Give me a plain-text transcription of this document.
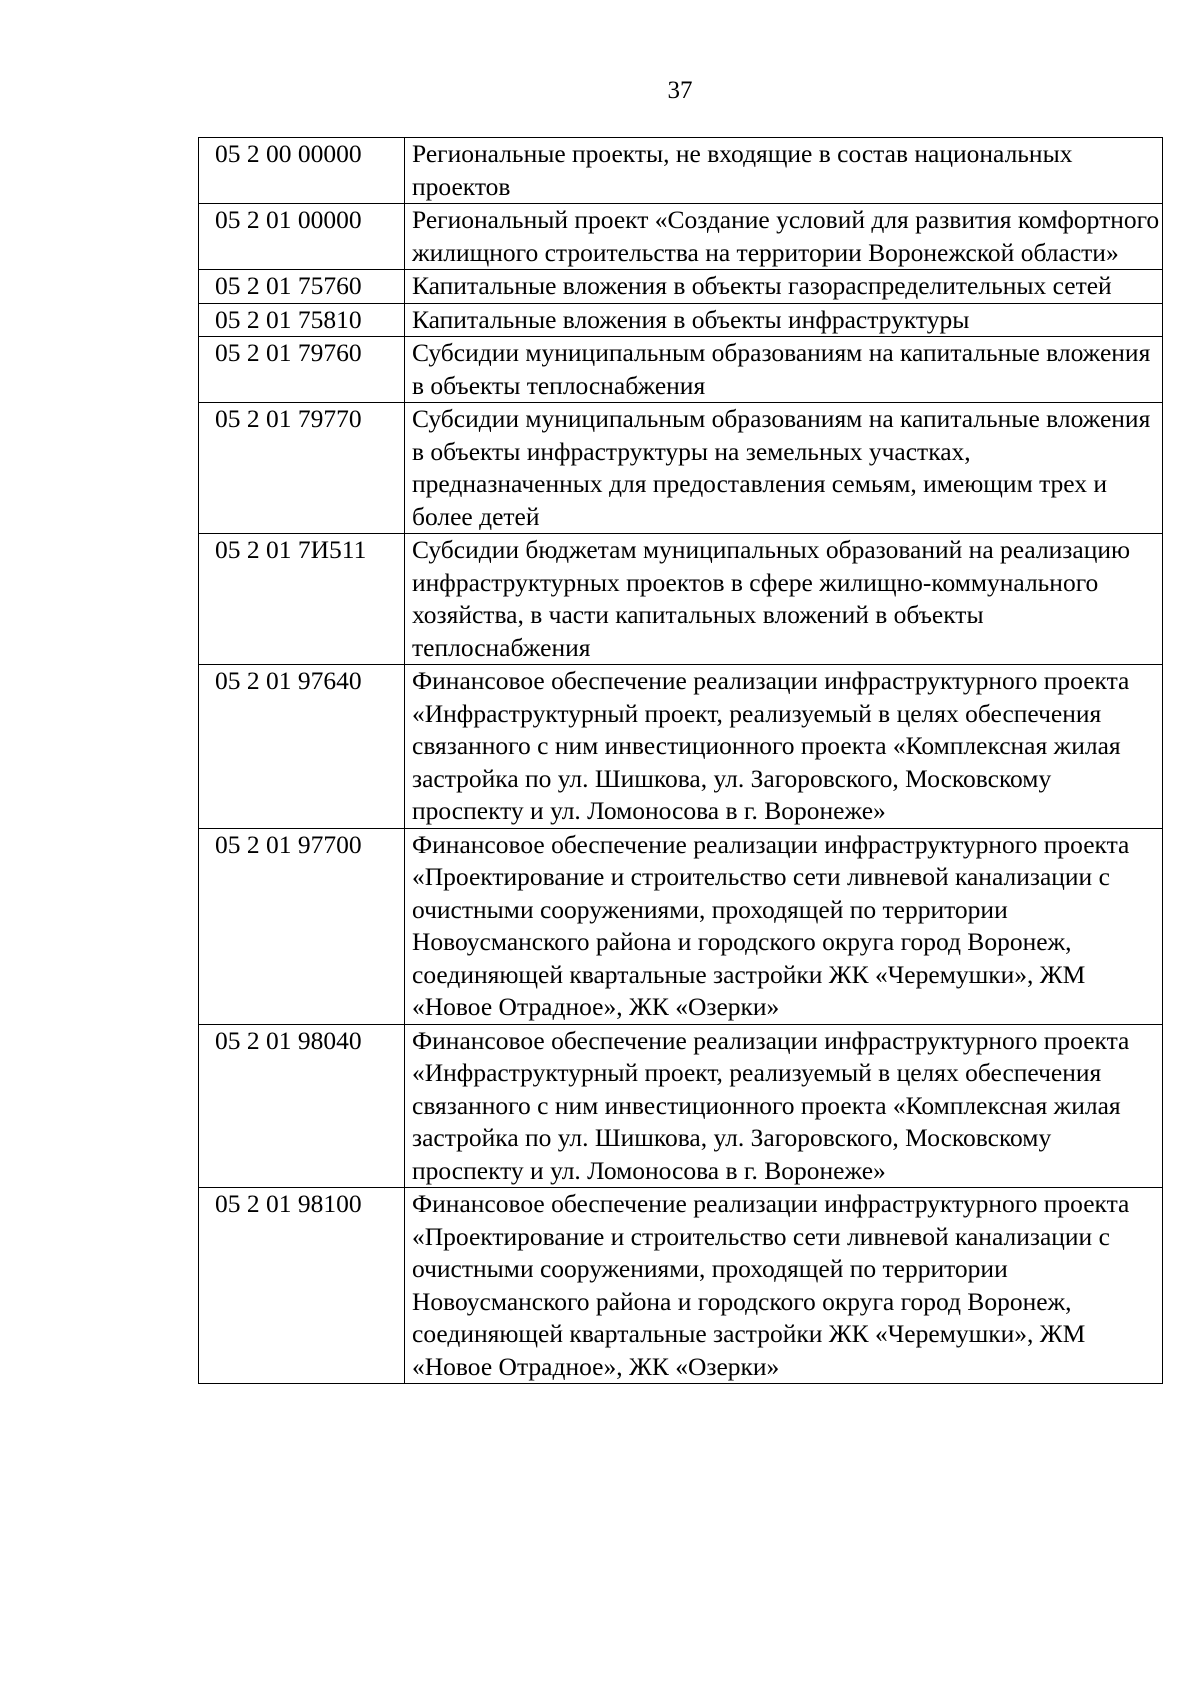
37
05 2 00 00000	Региональные проекты, не входящие в состав национальных проектов
05 2 01 00000	Региональный проект «Создание условий для развития комфортного жилищного строительства на территории Воронежской области»
05 2 01 75760	Капитальные вложения в объекты газораспределительных сетей
05 2 01 75810	Капитальные вложения в объекты инфраструктуры
05 2 01 79760	Субсидии муниципальным образованиям на капитальные вложения в объекты теплоснабжения
05 2 01 79770	Субсидии муниципальным образованиям на капитальные вложения в объекты инфраструктуры на земельных участках, предназначенных для предоставления семьям, имеющим трех и более детей
05 2 01 7И511	Субсидии бюджетам муниципальных образований на реализацию инфраструктурных проектов в сфере жилищно-коммунального хозяйства, в части капитальных вложений в объекты теплоснабжения
05 2 01 97640	Финансовое обеспечение реализации инфраструктурного проекта «Инфраструктурный проект, реализуемый в целях обеспечения связанного с ним инвестиционного проекта «Комплексная жилая застройка по ул. Шишкова, ул. Загоровского, Московскому проспекту и ул. Ломоносова в г. Воронеже»
05 2 01 97700	Финансовое обеспечение реализации инфраструктурного проекта «Проектирование и строительство сети ливневой канализации с очистными сооружениями, проходящей по территории Новоусманского района и городского округа город Воронеж, соединяющей квартальные застройки ЖК «Черемушки», ЖМ «Новое Отрадное», ЖК «Озерки»
05 2 01 98040	Финансовое обеспечение реализации инфраструктурного проекта «Инфраструктурный проект, реализуемый в целях обеспечения связанного с ним инвестиционного проекта «Комплексная жилая застройка по ул. Шишкова, ул. Загоровского, Московскому проспекту и ул. Ломоносова в г. Воронеже»
05 2 01 98100	Финансовое обеспечение реализации инфраструктурного проекта «Проектирование и строительство сети ливневой канализации с очистными сооружениями, проходящей по территории Новоусманского района и городского округа город Воронеж, соединяющей квартальные застройки ЖК «Черемушки», ЖМ «Новое Отрадное», ЖК «Озерки»
